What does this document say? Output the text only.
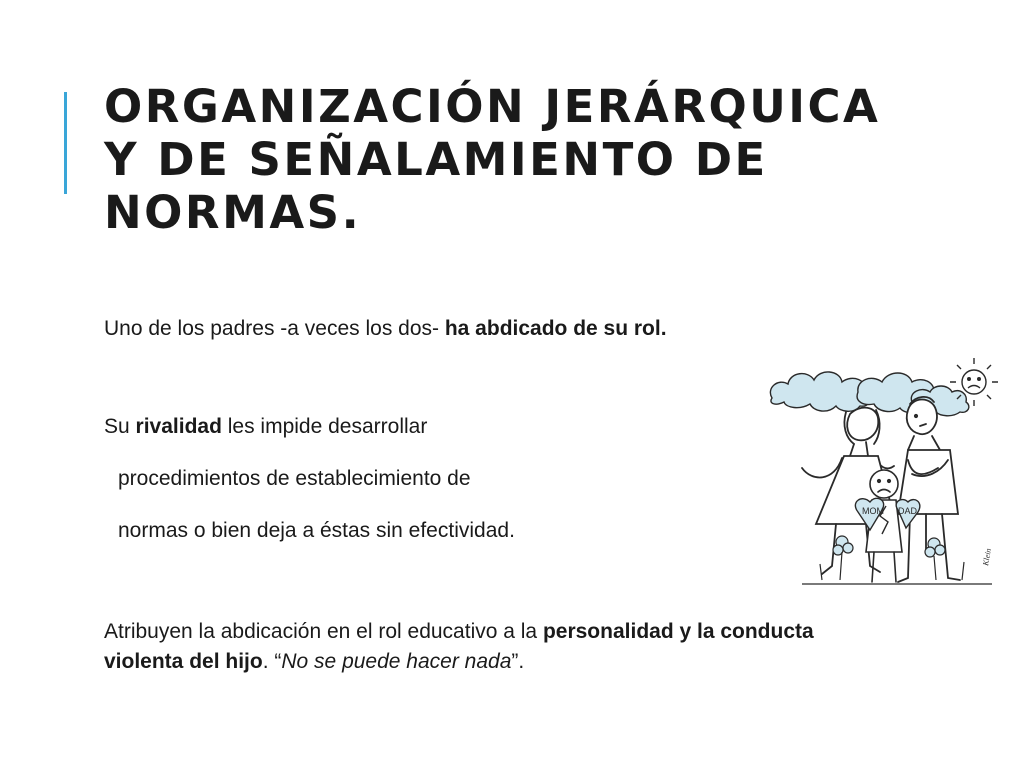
ORGANIZACIÓN JERÁRQUICA Y DE SEÑALAMIENTO DE NORMAS.

Uno de los padres -a veces los dos- ha abdicado de su rol.

Su rivalidad les impide desarrollar

procedimientos de establecimiento de

normas o bien deja a éstas sin efectividad.

Atribuyen la abdicación en el rol educativo a la personalidad y la conducta violenta del hijo. “No se puede hacer nada”.

MOM DAD
Klein
